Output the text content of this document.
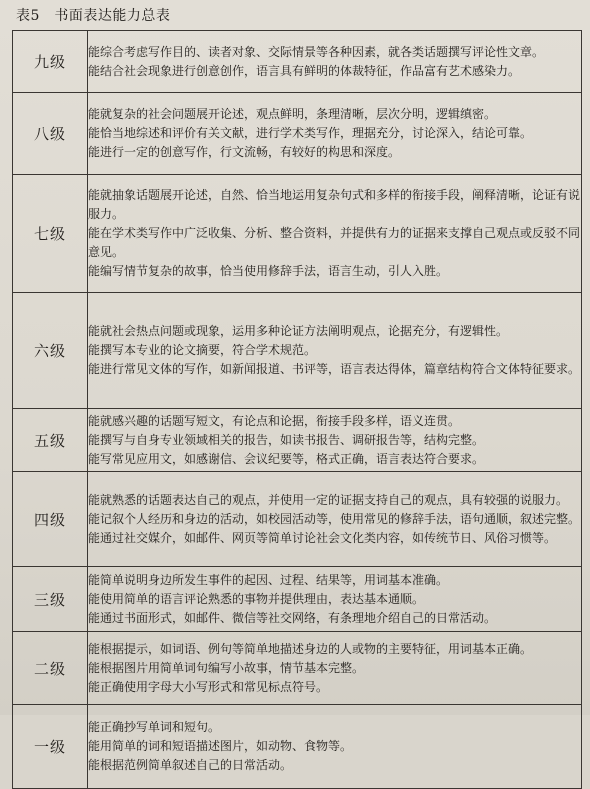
表5　书面表达能力总表
九级	能综合考虑写作目的、读者对象、交际情景等各种因素，就各类话题撰写评论性文章。
能结合社会现象进行创意创作，语言具有鲜明的体裁特征，作品富有艺术感染力。

八级	能就复杂的社会问题展开论述，观点鲜明，条理清晰，层次分明，逻辑缜密。
能恰当地综述和评价有关文献，进行学术类写作，理据充分，讨论深入，结论可靠。
能进行一定的创意写作，行文流畅，有较好的构思和深度。

七级	能就抽象话题展开论述，自然、恰当地运用复杂句式和多样的衔接手段，阐释清晰，论证有说服力。
能在学术类写作中广泛收集、分析、整合资料，并提供有力的证据来支撑自己观点或反驳不同意见。
能编写情节复杂的故事，恰当使用修辞手法，语言生动，引人入胜。

六级	能就社会热点问题或现象，运用多种论证方法阐明观点，论据充分，有逻辑性。
能撰写本专业的论文摘要，符合学术规范。
能进行常见文体的写作，如新闻报道、书评等，语言表达得体，篇章结构符合文体特征要求。

五级	能就感兴趣的话题写短文，有论点和论据，衔接手段多样，语义连贯。
能撰写与自身专业领域相关的报告，如读书报告、调研报告等，结构完整。
能写常见应用文，如感谢信、会议纪要等，格式正确，语言表达符合要求。

四级	能就熟悉的话题表达自己的观点，并使用一定的证据支持自己的观点，具有较强的说服力。
能记叙个人经历和身边的活动，如校园活动等，使用常见的修辞手法，语句通顺，叙述完整。
能通过社交媒介，如邮件、网页等简单讨论社会文化类内容，如传统节日、风俗习惯等。

三级	能简单说明身边所发生事件的起因、过程、结果等，用词基本准确。
能使用简单的语言评论熟悉的事物并提供理由，表达基本通顺。
能通过书面形式，如邮件、微信等社交网络，有条理地介绍自己的日常活动。

二级	能根据提示，如词语、例句等简单地描述身边的人或物的主要特征，用词基本正确。
能根据图片用简单词句编写小故事，情节基本完整。
能正确使用字母大小写形式和常见标点符号。

一级	能正确抄写单词和短句。
能用简单的词和短语描述图片，如动物、食物等。
能根据范例简单叙述自己的日常活动。
